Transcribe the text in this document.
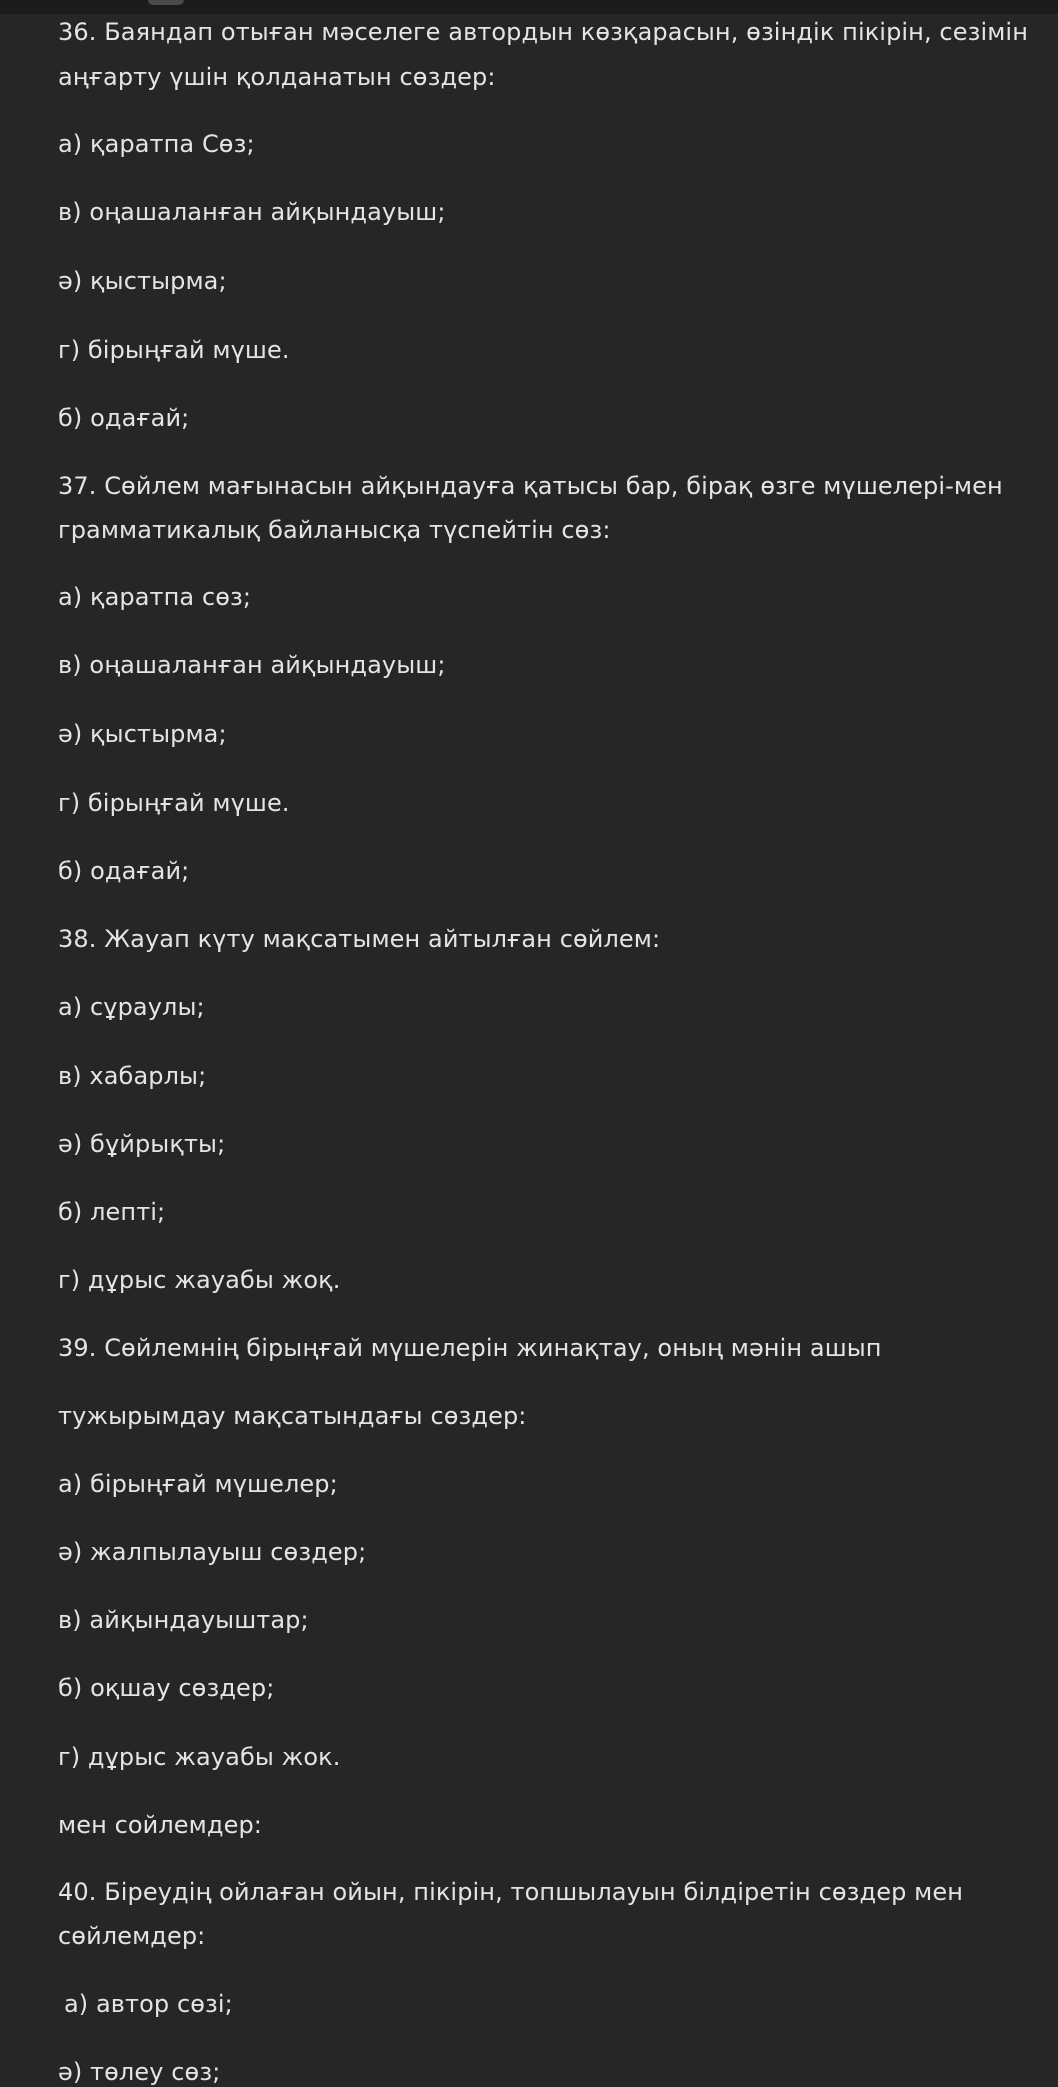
36. Баяндап отыған мәселеге автордын көзқарасын, өзіндік пікірін, сезімін
аңғарту үшін қолданатын сөздер:
а) қаратпа Сөз;
в) оңашаланған айқындауыш;
ә) қыстырма;
г) бірыңғай мүше.
б) одағай;
37. Сөйлем мағынасын айқындауға қатысы бар, бірақ өзге мүшелері-мен
грамматикалық байланысқа түспейтін сөз:
а) қаратпа сөз;
в) оңашаланған айқындауыш;
ә) қыстырма;
г) бірыңғай мүше.
б) одағай;
38. Жауап күту мақсатымен айтылған сөйлем:
а) сұраулы;
в) хабарлы;
ә) бұйрықты;
б) лепті;
г) дұрыс жауабы жоқ.
39. Сөйлемнің бірыңғай мүшелерін жинақтау, оның мәнін ашып
тужырымдау мақсатындағы сөздер:
а) бірыңғай мүшелер;
ә) жалпылауыш сөздер;
в) айқындауыштар;
б) оқшау сөздер;
г) дұрыс жауабы жок.
мен сойлемдер:
40. Біреудің ойлаған ойын, пікірін, топшылауын білдіретін сөздер мен
сөйлемдер:
а) автор сөзі;
ә) төлеу сөз;
